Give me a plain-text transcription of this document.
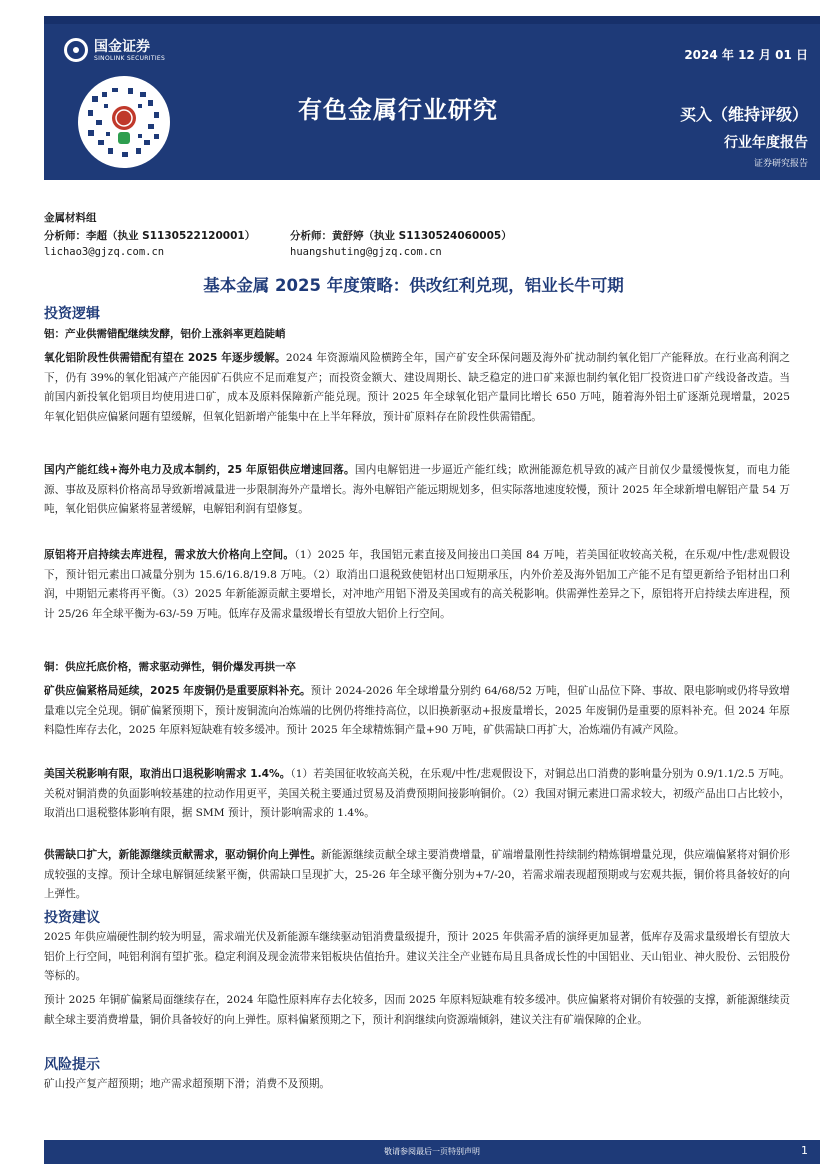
国金证券
SINOLINK SECURITIES	2024 年 12 月 01 日
有色金属行业研究	买入（维持评级）
行业年度报告
证券研究报告
金属材料组
分析师：李超（执业 S1130522120001）	分析师：黄舒婷（执业 S1130524060005）
lichao3@gjzq.com.cn	huangshuting@gjzq.com.cn
基本金属 2025 年度策略：供改红利兑现，铝业长牛可期
投资逻辑
铝：产业供需错配继续发酵，铝价上涨斜率更趋陡峭
氧化铝阶段性供需错配有望在 2025 年逐步缓解。2024 年资源端风险横跨全年，国产矿安全环保问题及海外矿扰动制约氧化铝厂产能释放。在行业高利润之下，仍有 39%的氧化铝减产产能因矿石供应不足而难复产；而投资金额大、建设周期长、缺乏稳定的进口矿来源也制约氧化铝厂投资进口矿产线设备改造。当前国内新投氧化铝项目均使用进口矿，成本及原料保障新产能兑现。预计 2025 年全球氧化铝产量同比增长 650 万吨，随着海外铝土矿逐渐兑现增量，2025 年氧化铝供应偏紧问题有望缓解，但氧化铝新增产能集中在上半年释放，预计矿原料存在阶段性供需错配。
国内产能红线+海外电力及成本制约，25 年原铝供应增速回落。国内电解铝进一步逼近产能红线；欧洲能源危机导致的减产目前仅少量缓慢恢复，而电力能源、事故及原料价格高昂导致新增减量进一步限制海外产量增长。海外电解铝产能远期规划多，但实际落地速度较慢，预计 2025 年全球新增电解铝产量 54 万吨，氧化铝供应偏紧将显著缓解，电解铝利润有望修复。
原铝将开启持续去库进程，需求放大价格向上空间。（1）2025 年，我国铝元素直接及间接出口美国 84 万吨，若美国征收较高关税，在乐观/中性/悲观假设下，预计铝元素出口减量分别为 15.6/16.8/19.8 万吨。（2）取消出口退税致使铝材出口短期承压，内外价差及海外铝加工产能不足有望更新给予铝材出口利润，中期铝元素将再平衡。（3）2025 年新能源贡献主要增长，对冲地产用铝下滑及美国或有的高关税影响。供需弹性差异之下，原铝将开启持续去库进程，预计 25/26 年全球平衡为-63/-59 万吨。低库存及需求量级增长有望放大铝价上行空间。
铜：供应托底价格，需求驱动弹性，铜价爆发再拱一卒
矿供应偏紧格局延续，2025 年废铜仍是重要原料补充。预计 2024-2026 年全球增量分别约 64/68/52 万吨，但矿山品位下降、事故、限电影响或仍将导致增量难以完全兑现。铜矿偏紧预期下，预计废铜流向冶炼端的比例仍将维持高位，以旧换新驱动+报废量增长，2025 年废铜仍是重要的原料补充。但 2024 年原料隐性库存去化，2025 年原料短缺难有较多缓冲。预计 2025 年全球精炼铜产量+90 万吨，矿供需缺口再扩大，冶炼端仍有减产风险。
美国关税影响有限，取消出口退税影响需求 1.4%。（1）若美国征收较高关税，在乐观/中性/悲观假设下，对铜总出口消费的影响量分别为 0.9/1.1/2.5 万吨。关税对铜消费的负面影响较基建的拉动作用更平，美国关税主要通过贸易及消费预期间接影响铜价。（2）我国对铜元素进口需求较大，初级产品出口占比较小，取消出口退税整体影响有限，据 SMM 预计，预计影响需求的 1.4%。
供需缺口扩大，新能源继续贡献需求，驱动铜价向上弹性。新能源继续贡献全球主要消费增量，矿端增量刚性持续制约精炼铜增量兑现，供应端偏紧将对铜价形成较强的支撑。预计全球电解铜延续紧平衡，供需缺口呈现扩大，25-26 年全球平衡分别为+7/-20，若需求端表现超预期或与宏观共振，铜价将具备较好的向上弹性。
投资建议
2025 年供应端硬性制约较为明显，需求端光伏及新能源车继续驱动铝消费量级提升，预计 2025 年供需矛盾的演绎更加显著，低库存及需求量级增长有望放大铝价上行空间，吨铝利润有望扩张。稳定利润及现金流带来铝板块估值抬升。建议关注全产业链布局且具备成长性的中国铝业、天山铝业、神火股份、云铝股份等标的。
预计 2025 年铜矿偏紧局面继续存在，2024 年隐性原料库存去化较多，因而 2025 年原料短缺难有较多缓冲。供应偏紧将对铜价有较强的支撑，新能源继续贡献全球主要消费增量，铜价具备较好的向上弹性。原料偏紧预期之下，预计利润继续向资源端倾斜，建议关注有矿端保障的企业。
风险提示
矿山投产复产超预期；地产需求超预期下滑；消费不及预期。
敬请参阅最后一页特别声明	1
